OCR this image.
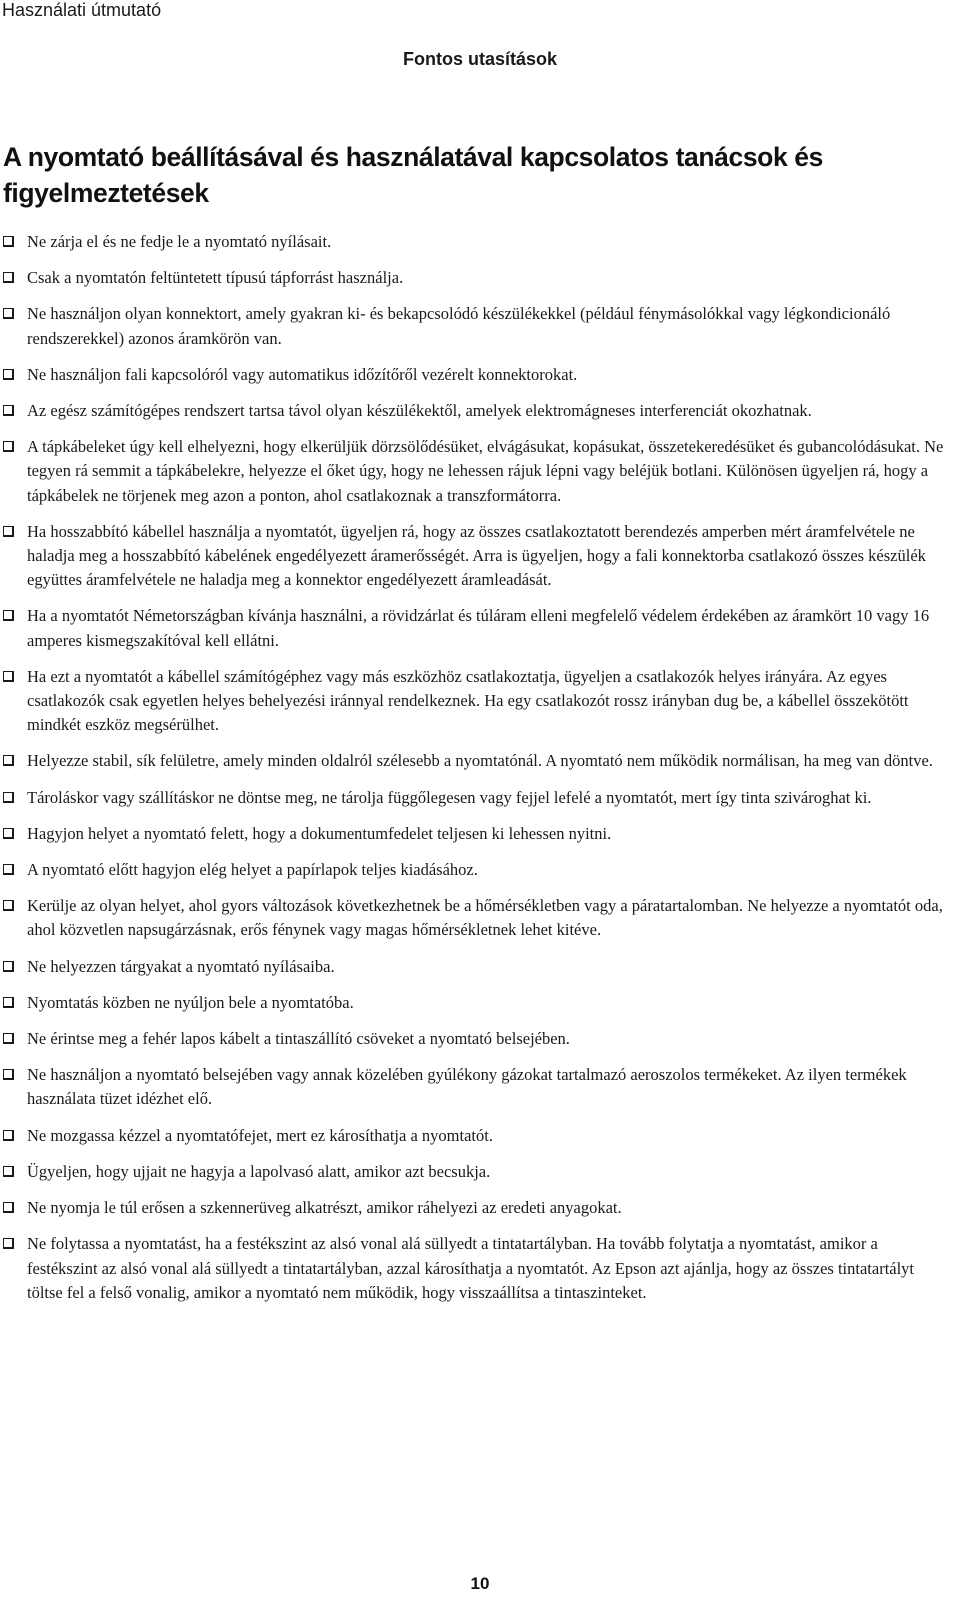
Használati útmutató
Fontos utasítások
A nyomtató beállításával és használatával kapcsolatos tanácsok és figyelmeztetések
Ne zárja el és ne fedje le a nyomtató nyílásait.
Csak a nyomtatón feltüntetett típusú tápforrást használja.
Ne használjon olyan konnektort, amely gyakran ki- és bekapcsolódó készülékekkel (például fénymásolókkal vagy légkondicionáló rendszerekkel) azonos áramkörön van.
Ne használjon fali kapcsolóról vagy automatikus időzítőről vezérelt konnektorokat.
Az egész számítógépes rendszert tartsa távol olyan készülékektől, amelyek elektromágneses interferenciát okozhatnak.
A tápkábeleket úgy kell elhelyezni, hogy elkerüljük dörzsölődésüket, elvágásukat, kopásukat, összetekeredésüket és gubancolódásukat. Ne tegyen rá semmit a tápkábelekre, helyezze el őket úgy, hogy ne lehessen rájuk lépni vagy beléjük botlani. Különösen ügyeljen rá, hogy a tápkábelek ne törjenek meg azon a ponton, ahol csatlakoznak a transzformátorra.
Ha hosszabbító kábellel használja a nyomtatót, ügyeljen rá, hogy az összes csatlakoztatott berendezés amperben mért áramfelvétele ne haladja meg a hosszabbító kábelének engedélyezett áramerősségét. Arra is ügyeljen, hogy a fali konnektorba csatlakozó összes készülék együttes áramfelvétele ne haladja meg a konnektor engedélyezett áramleadását.
Ha a nyomtatót Németországban kívánja használni, a rövidzárlat és túláram elleni megfelelő védelem érdekében az áramkört 10 vagy 16 amperes kismegszakítóval kell ellátni.
Ha ezt a nyomtatót a kábellel számítógéphez vagy más eszközhöz csatlakoztatja, ügyeljen a csatlakozók helyes irányára. Az egyes csatlakozók csak egyetlen helyes behelyezési iránnyal rendelkeznek. Ha egy csatlakozót rossz irányban dug be, a kábellel összekötött mindkét eszköz megsérülhet.
Helyezze stabil, sík felületre, amely minden oldalról szélesebb a nyomtatónál. A nyomtató nem működik normálisan, ha meg van döntve.
Tároláskor vagy szállításkor ne döntse meg, ne tárolja függőlegesen vagy fejjel lefelé a nyomtatót, mert így tinta szivároghat ki.
Hagyjon helyet a nyomtató felett, hogy a dokumentumfedelet teljesen ki lehessen nyitni.
A nyomtató előtt hagyjon elég helyet a papírlapok teljes kiadásához.
Kerülje az olyan helyet, ahol gyors változások következhetnek be a hőmérsékletben vagy a páratartalomban. Ne helyezze a nyomtatót oda, ahol közvetlen napsugárzásnak, erős fénynek vagy magas hőmérsékletnek lehet kitéve.
Ne helyezzen tárgyakat a nyomtató nyílásaiba.
Nyomtatás közben ne nyúljon bele a nyomtatóba.
Ne érintse meg a fehér lapos kábelt a tintaszállító csöveket a nyomtató belsejében.
Ne használjon a nyomtató belsejében vagy annak közelében gyúlékony gázokat tartalmazó aeroszolos termékeket. Az ilyen termékek használata tüzet idézhet elő.
Ne mozgassa kézzel a nyomtatófejet, mert ez károsíthatja a nyomtatót.
Ügyeljen, hogy ujjait ne hagyja a lapolvasó alatt, amikor azt becsukja.
Ne nyomja le túl erősen a szkennerüveg alkatrészt, amikor ráhelyezi az eredeti anyagokat.
Ne folytassa a nyomtatást, ha a festékszint az alsó vonal alá süllyedt a tintatartályban. Ha tovább folytatja a nyomtatást, amikor a festékszint az alsó vonal alá süllyedt a tintatartályban, azzal károsíthatja a nyomtatót. Az Epson azt ajánlja, hogy az összes tintatartályt töltse fel a felső vonalig, amikor a nyomtató nem működik, hogy visszaállítsa a tintaszinteket.
10
